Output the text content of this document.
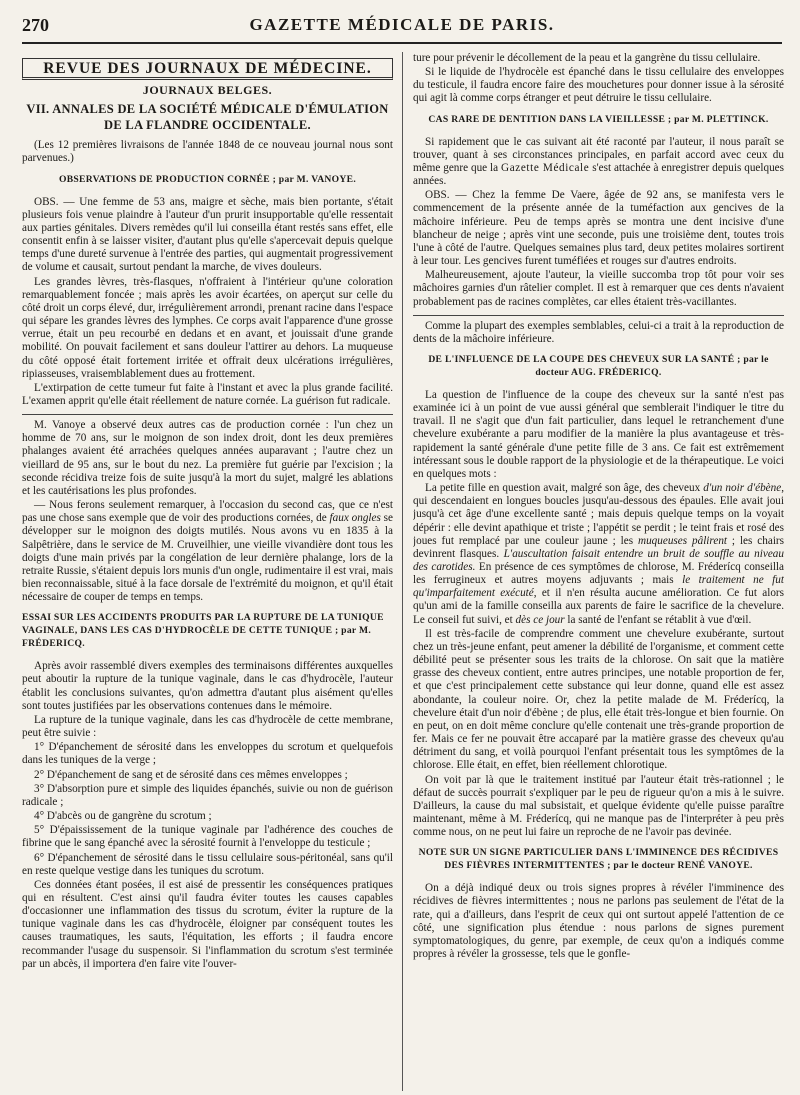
270	GAZETTE MÉDICALE DE PARIS.
REVUE DES JOURNAUX DE MÉDECINE.
JOURNAUX BELGES.
VII. ANNALES DE LA SOCIÉTÉ MÉDICALE D'ÉMULATION
DE LA FLANDRE OCCIDENTALE.

(Les 12 premières livraisons de l'année 1848 de ce nouveau journal nous sont parvenues.)

OBSERVATIONS DE PRODUCTION CORNÉE ; par M. VANOYE.

OBS. — Une femme de 53 ans, maigre et sèche, mais bien portante, s'était plusieurs fois venue plaindre à l'auteur d'un prurit insupportable qu'elle ressentait aux parties génitales. Divers remèdes qu'il lui conseilla étant restés sans effet, elle consentit enfin à se laisser visiter, d'autant plus qu'elle s'apercevait depuis quelque temps d'une dureté survenue à l'entrée des parties, qui augmentait progressivement de volume et causait, surtout pendant la marche, de vives douleurs.

Les grandes lèvres, très-flasques, n'offraient à l'intérieur qu'une coloration remarquablement foncée ; mais après les avoir écartées, on aperçut sur celle du côté droit un corps élevé, dur, irrégulièrement arrondi, prenant racine dans l'espace qui sépare les grandes lèvres des lymphes. Ce corps avait l'apparence d'une grosse verrue, était un peu recourbé en dedans et en avant, et jouissait d'une grande mobilité. On pouvait facilement et sans douleur l'attirer au dehors. La muqueuse du côté opposé était fortement irritée et offrait deux ulcérations irrégulières, ripiasseuses, vraisemblablement dues au frottement.

L'extirpation de cette tumeur fut faite à l'instant et avec la plus grande facilité. L'examen apprit qu'elle était réellement de nature cornée. La guérison fut radicale.

M. Vanoye a observé deux autres cas de production cornée : l'un chez un homme de 70 ans, sur le moignon de son index droit, dont les deux premières phalanges avaient été arrachées quelques années auparavant ; l'autre chez un vieillard de 95 ans, sur le bout du nez. La première fut guérie par l'excision ; la seconde récidiva treize fois de suite jusqu'à la mort du sujet, malgré les ablations et les cautérisations les plus profondes.

— Nous ferons seulement remarquer, à l'occasion du second cas, que ce n'est pas une chose sans exemple que de voir des productions cornées, de faux ongles se développer sur le moignon des doigts mutilés. Nous avons vu en 1835 à la Salpêtrière, dans le service de M. Cruveilhier, une vieille vivandière dont tous les doigts d'une main privés par la congélation de leur dernière phalange, lors de la retraite Russie, s'étaient depuis lors munis d'un ongle, rudimentaire il est vrai, mais bien reconnaissable, situé à la face dorsale de l'extrémité du moignon, et qu'il était nécessaire de couper de temps en temps.

ESSAI SUR LES ACCIDENTS PRODUITS PAR LA RUPTURE DE LA TUNIQUE VAGINALE, DANS LES CAS D'HYDROCÈLE DE CETTE TUNIQUE ; par M. FRÉDERICQ.

Après avoir rassemblé divers exemples des terminaisons différentes auxquelles peut aboutir la rupture de la tunique vaginale, dans le cas d'hydrocèle, l'auteur établit les conclusions suivantes, qu'on admettra d'autant plus aisément qu'elles sont toutes justifiées par les observations contenues dans le mémoire.

La rupture de la tunique vaginale, dans les cas d'hydrocèle de cette membrane, peut être suivie :

1° D'épanchement de sérosité dans les enveloppes du scrotum et quelquefois dans les tuniques de la verge ;

2° D'épanchement de sang et de sérosité dans ces mêmes enveloppes ;

3° D'absorption pure et simple des liquides épanchés, suivie ou non de guérison radicale ;

4° D'abcès ou de gangrène du scrotum ;

5° D'épaississement de la tunique vaginale par l'adhérence des couches de fibrine que le sang épanché avec la sérosité fournit à l'enveloppe du testicule ;

6° D'épanchement de sérosité dans le tissu cellulaire sous-péritonéal, sans qu'il en reste quelque vestige dans les tuniques du scrotum.

Ces données étant posées, il est aisé de pressentir les conséquences pratiques qui en résultent. C'est ainsi qu'il faudra éviter toutes les causes capables d'occasionner une inflammation des tissus du scrotum, éviter la rupture de la tunique vaginale dans les cas d'hydrocèle, éloigner par conséquent toutes les causes traumatiques, les sauts, l'équitation, les efforts ; il faudra encore recommander l'usage du suspensoir. Si l'inflammation du scrotum s'est terminée par un abcès, il importera d'en faire vite l'ouver-

ture pour prévenir le décollement de la peau et la gangrène du tissu cellulaire.

Si le liquide de l'hydrocèle est épanché dans le tissu cellulaire des enveloppes du testicule, il faudra encore faire des mouchetures pour donner issue à la sérosité qui agit là comme corps étranger et peut détruire le tissu cellulaire.

CAS RARE DE DENTITION DANS LA VIEILLESSE ; par M. PLETTINCK.

Si rapidement que le cas suivant ait été raconté par l'auteur, il nous paraît se trouver, quant à ses circonstances principales, en parfait accord avec ceux du même genre que la Gazette Médicale s'est attachée à enregistrer depuis quelques années.

OBS. — Chez la femme De Vaere, âgée de 92 ans, se manifesta vers le commencement de la présente année de la tuméfaction aux gencives de la mâchoire inférieure. Peu de temps après se montra une dent incisive d'une blancheur de neige ; après vint une seconde, puis une troisième dent, toutes trois l'une à côté de l'autre. Quelques semaines plus tard, deux petites molaires sortirent à leur tour. Les gencives furent tuméfiées et rouges sur d'autres endroits.

Malheureusement, ajoute l'auteur, la vieille succomba trop tôt pour voir ses mâchoires garnies d'un râtelier complet. Il est à remarquer que ces dents n'avaient probablement pas de racines complètes, car elles étaient très-vacillantes.

Comme la plupart des exemples semblables, celui-ci a trait à la reproduction de dents de la mâchoire inférieure.

DE L'INFLUENCE DE LA COUPE DES CHEVEUX SUR LA SANTÉ ; par le docteur AUG. FRÉDERICQ.

La question de l'influence de la coupe des cheveux sur la santé n'est pas examinée ici à un point de vue aussi général que semblerait l'indiquer le titre du travail. Il ne s'agit que d'un fait particulier, dans lequel le retranchement d'une chevelure exubérante a paru modifier de la manière la plus avantageuse et très-rapidement la santé générale d'une petite fille de 3 ans. Ce fait est extrêmement intéressant sous le double rapport de la physiologie et de la thérapeutique. Le voici en quelques mots :

La petite fille en question avait, malgré son âge, des cheveux d'un noir d'ébène, qui descendaient en longues boucles jusqu'au-dessous des épaules. Elle avait joui jusqu'à cet âge d'une excellente santé ; mais depuis quelque temps on la voyait dépérir : elle devint apathique et triste ; l'appétit se perdit ; le teint frais et rosé des joues fut remplacé par une couleur jaune ; les muqueuses pâlirent ; les chairs devinrent flasques. L'auscultation faisait entendre un bruit de souffle au niveau des carotides. En présence de ces symptômes de chlorose, M. Fréderícq conseilla les ferrugineux et autres moyens adjuvants ; mais le traitement ne fut qu'imparfaitement exécuté, et il n'en résulta aucune amélioration. Ce fut alors qu'un ami de la famille conseilla aux parents de faire le sacrifice de la chevelure. Le conseil fut suivi, et dès ce jour la santé de l'enfant se rétablit à vue d'œil.

Il est très-facile de comprendre comment une chevelure exubérante, surtout chez un très-jeune enfant, peut amener la débilité de l'organisme, et comment cette débilité peut se présenter sous les traits de la chlorose. On sait que la matière grasse des cheveux contient, entre autres principes, une notable proportion de fer, et que c'est principalement cette substance qui leur donne, quand elle est assez abondante, la couleur noire. Or, chez la petite malade de M. Fréderícq, la chevelure était d'un noir d'ébène ; de plus, elle était très-longue et bien fournie. On en peut, on en doit même conclure qu'elle contenait une très-grande proportion de fer. Mais ce fer ne pouvait être accaparé par la matière grasse des cheveux qu'au détriment du sang, et voilà pourquoi l'enfant présentait tous les symptômes de la chlorose. Elle était, en effet, bien réellement chlorotique.

On voit par là que le traitement institué par l'auteur était très-rationnel ; le défaut de succès pourrait s'expliquer par le peu de rigueur qu'on a mis à le suivre. D'ailleurs, la cause du mal subsistait, et quelque évidente qu'elle puisse paraître maintenant, même à M. Fréderícq, qui ne manque pas de l'interpréter à peu près comme nous, on ne peut lui faire un reproche de ne l'avoir pas devinée.

NOTE SUR UN SIGNE PARTICULIER DANS L'IMMINENCE DES RÉCIDIVES DES FIÈVRES INTERMITTENTES ; par le docteur RENÉ VANOYE.

On a déjà indiqué deux ou trois signes propres à révéler l'imminence des récidives de fièvres intermittentes ; nous ne parlons pas seulement de l'état de la rate, qui a d'ailleurs, dans l'esprit de ceux qui ont surtout appelé l'attention de ce côté, une signification plus étendue : nous parlons de signes purement symptomatologiques, du genre, par exemple, de ceux qu'on a indiqués comme propres à révéler la grossesse, tels que le gonfle-
